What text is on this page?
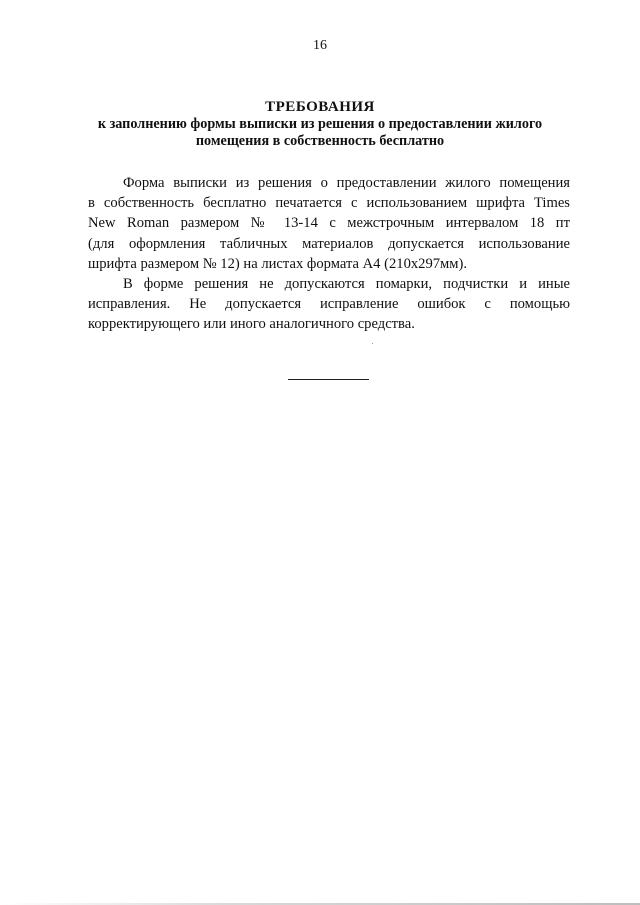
16
ТРЕБОВАНИЯ
к заполнению формы выписки из решения о предоставлении жилого
помещения в собственность бесплатно
Форма выписки из решения о предоставлении жилого помещения
в собственность бесплатно печатается с использованием шрифта Times
New Roman размером № 13-14 с межстрочным интервалом 18 пт
(для оформления табличных материалов допускается использование
шрифта размером № 12) на листах формата А4 (210х297мм).
В форме решения не допускаются помарки, подчистки и иные
исправления. Не допускается исправление ошибок с помощью
корректирующего или иного аналогичного средства.
